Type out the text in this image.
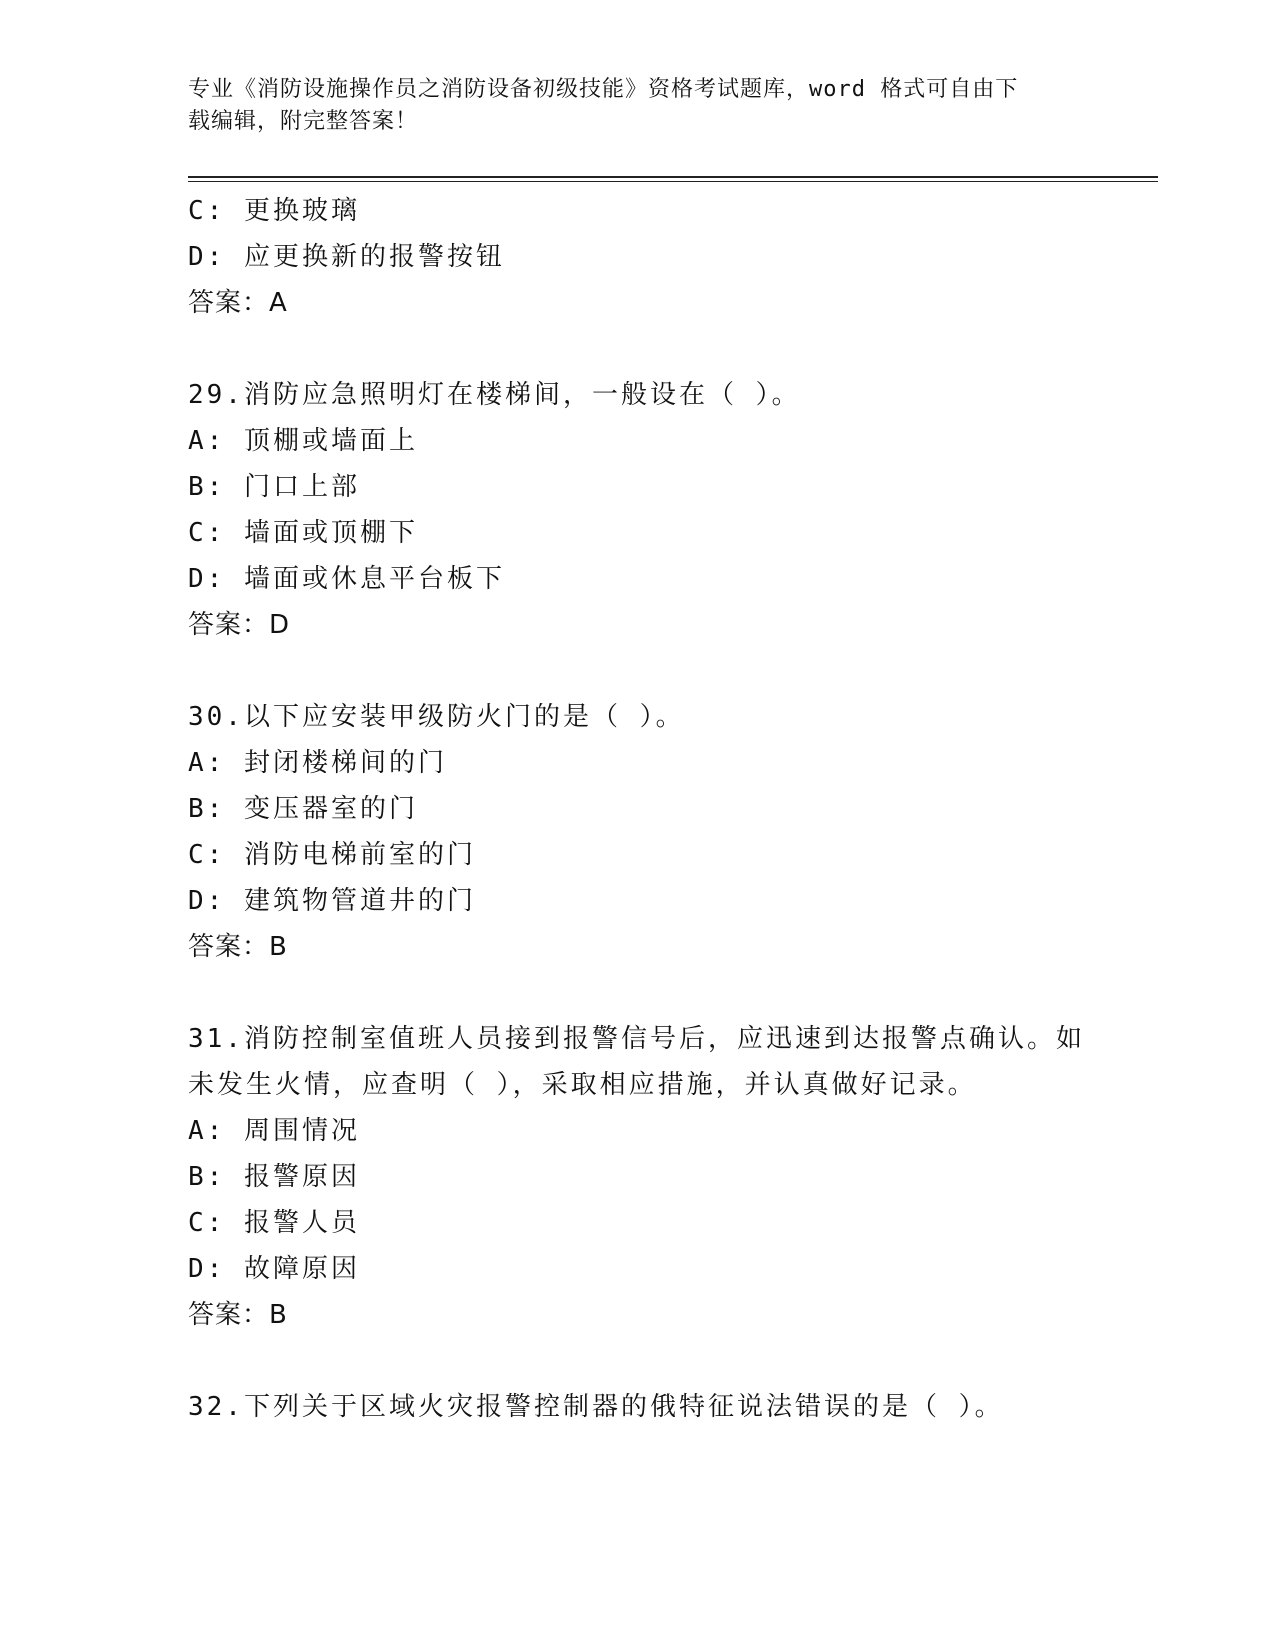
专业《消防设施操作员之消防设备初级技能》资格考试题库，word 格式可自由下
载编辑，附完整答案！
C: 更换玻璃
D: 应更换新的报警按钮
答案：A
29.消防应急照明灯在楼梯间，一般设在（ ）。
A: 顶棚或墙面上
B: 门口上部
C: 墙面或顶棚下
D: 墙面或休息平台板下
答案：D
30.以下应安装甲级防火门的是（ ）。
A: 封闭楼梯间的门
B: 变压器室的门
C: 消防电梯前室的门
D: 建筑物管道井的门
答案：B
31.消防控制室值班人员接到报警信号后，应迅速到达报警点确认。如
未发生火情，应查明（ ），采取相应措施，并认真做好记录。
A: 周围情况
B: 报警原因
C: 报警人员
D: 故障原因
答案：B
32.下列关于区域火灾报警控制器的俄特征说法错误的是（ ）。
